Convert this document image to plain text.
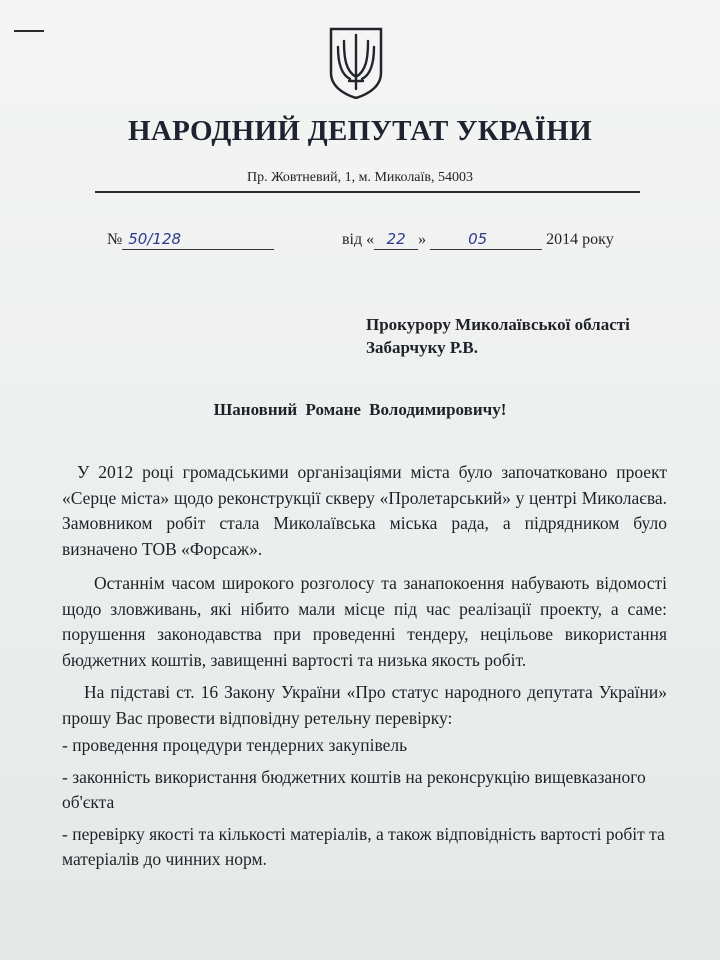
НАРОДНИЙ ДЕПУТАТ УКРАЇНИ
Пр. Жовтневий, 1, м. Миколаїв, 54003
№ 50/128	від « 22 »	05	2014 року
Прокурору Миколаївської області
Забарчуку Р.В.
Шановний Романе Володимировичу!

У 2012 році громадськими організаціями міста було започатковано проект «Серце міста» щодо реконструкції скверу «Пролетарський» у центрі Миколаєва. Замовником робіт стала Миколаївська міська рада, а підрядником було визначено ТОВ «Форсаж».

Останнім часом широкого розголосу та занапокоення набувають відомості щодо зловживань, які нібито мали місце під час реалізації проекту, а саме: порушення законодавства при проведенні тендеру, нецільове використання бюджетних коштів, завищенні вартості та низька якость робіт.

На підставі ст. 16 Закону України «Про статус народного депутата України» прошу Вас провести відповідну ретельну перевірку:

- проведення процедури тендерних закупівель

- законність використання бюджетних коштів на реконсрукцію вищевказаного об'єкта

- перевірку якості та кількості матеріалів, а також відповідність вартості робіт та матеріалів до чинних норм.
